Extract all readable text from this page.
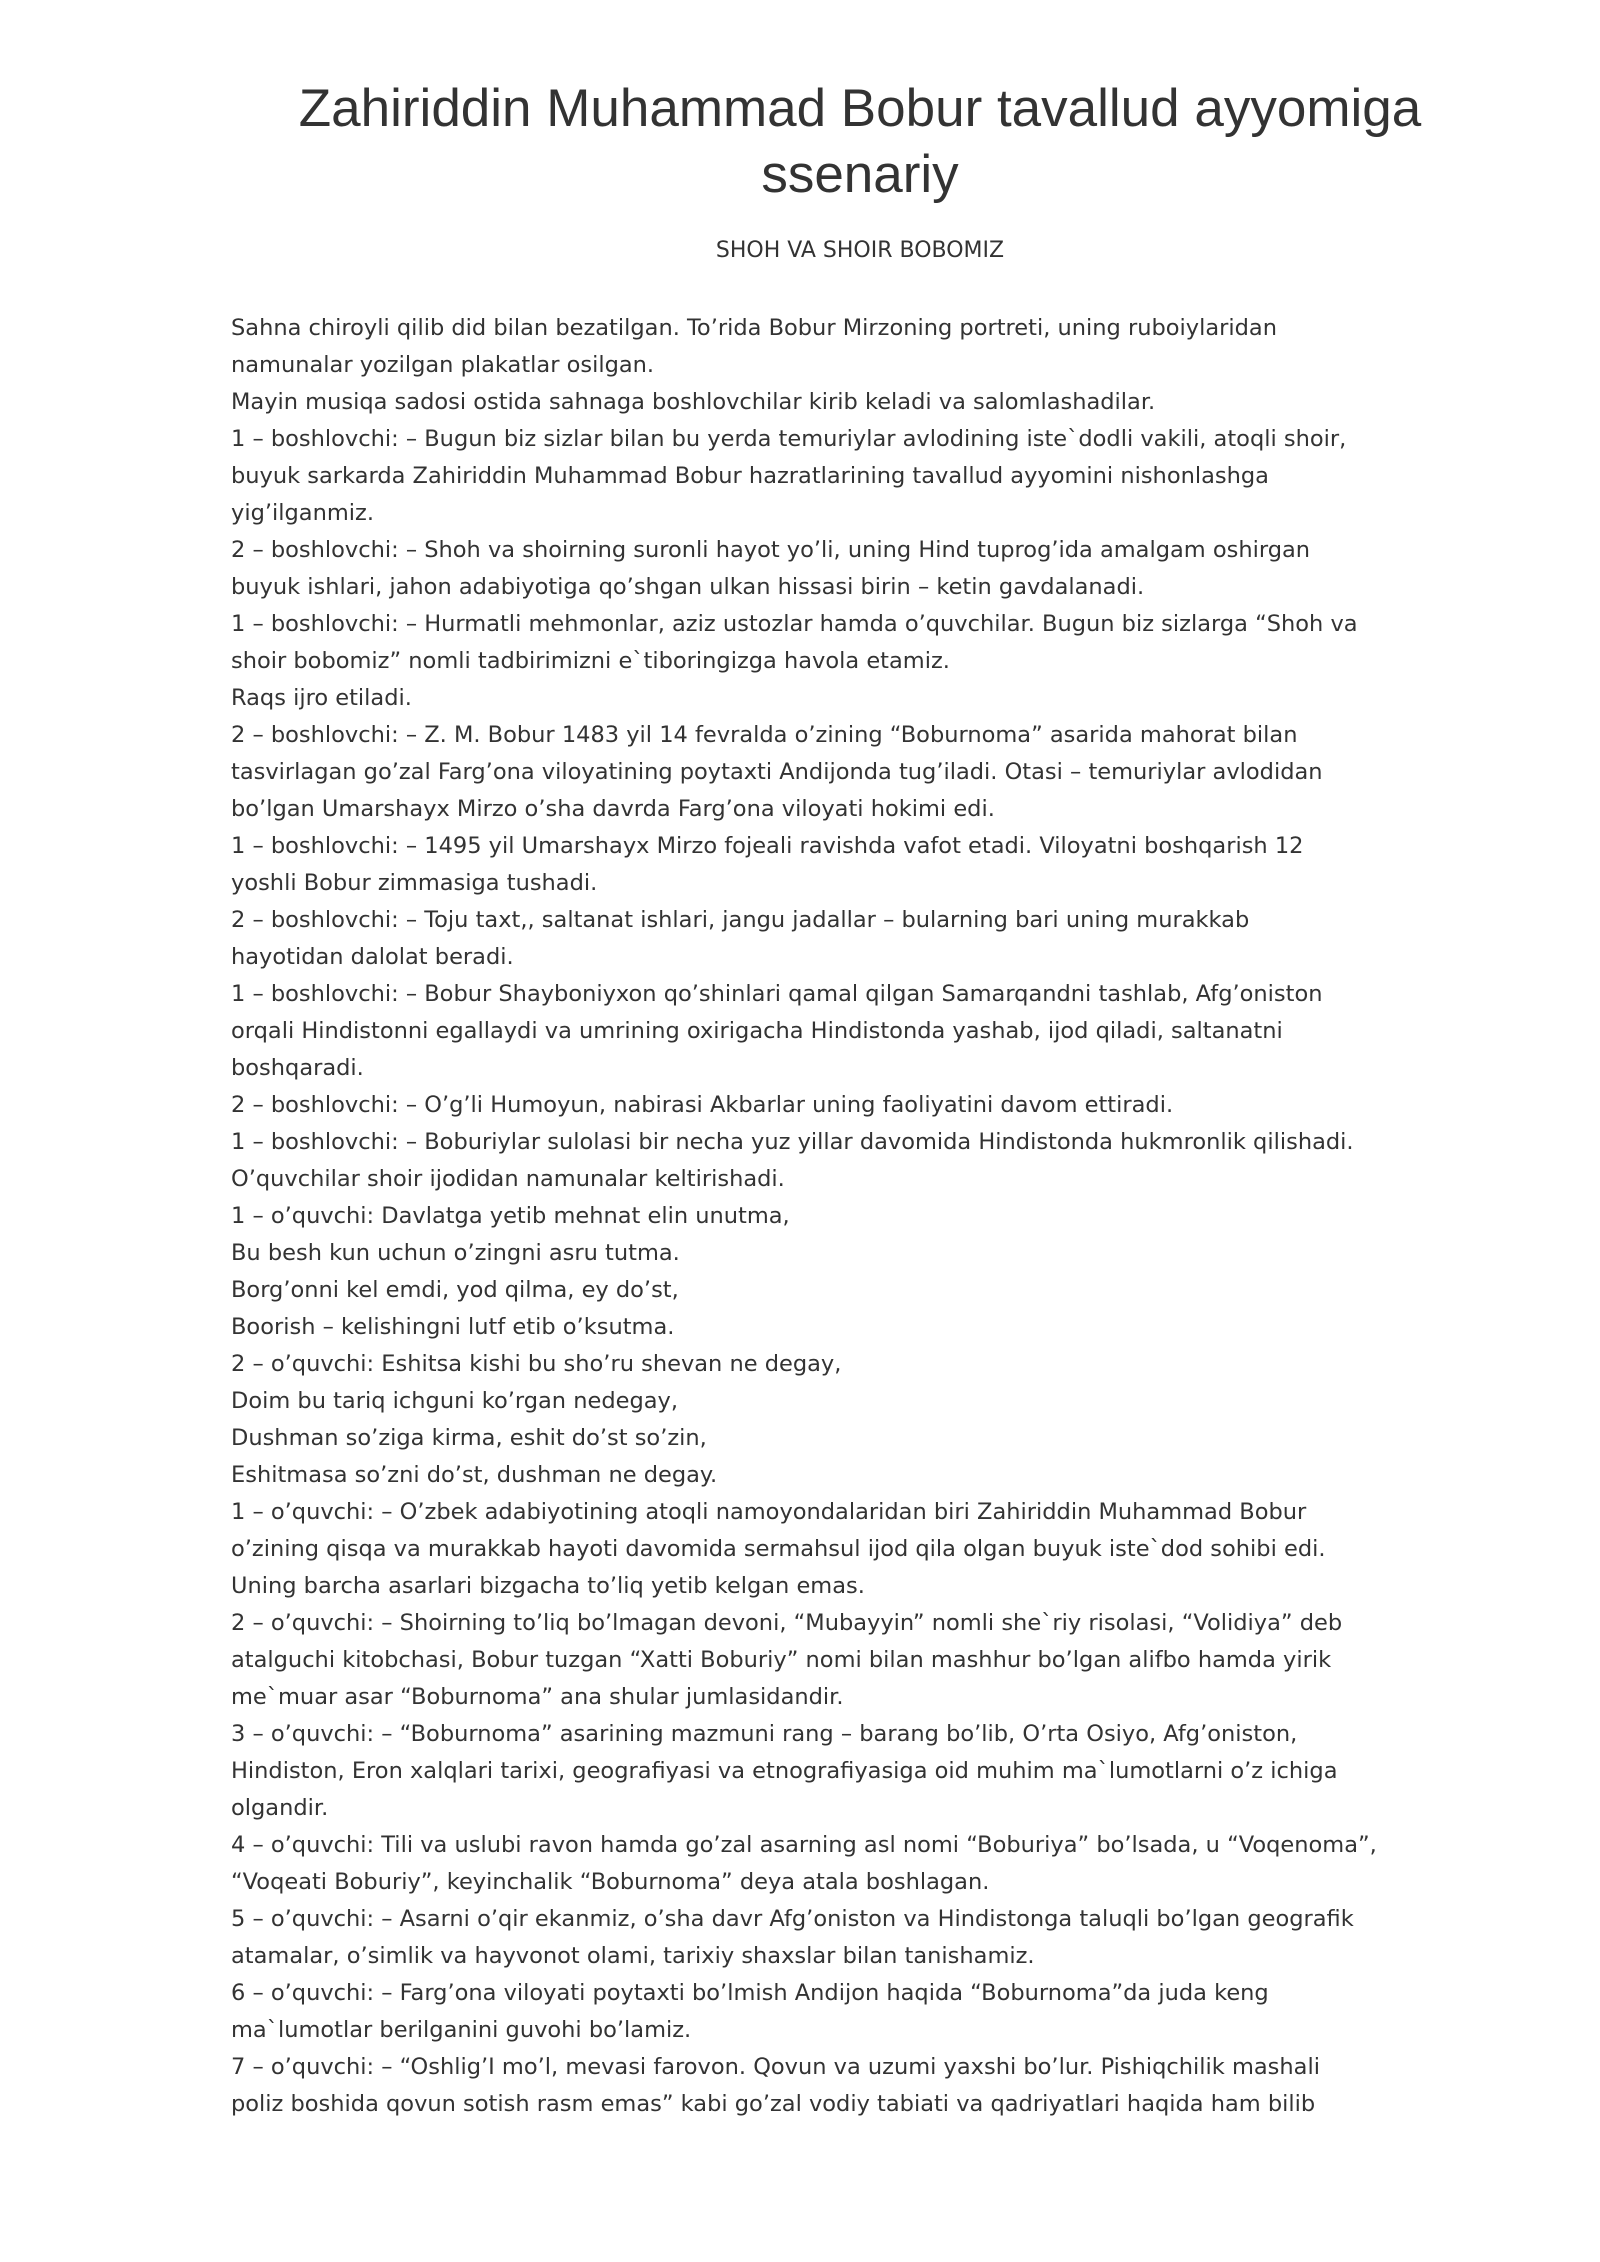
Zahiriddin Muhammad Bobur tavallud ayyomiga
ssenariy
SHOH VA SHOIR BOBOMIZ
Sahna chiroyli qilib did bilan bezatilgan. To’rida Bobur Mirzoning portreti, uning ruboiylaridan
namunalar yozilgan plakatlar osilgan.
Mayin musiqa sadosi ostida sahnaga boshlovchilar kirib keladi va salomlashadilar.
1 – boshlovchi: – Bugun biz sizlar bilan bu yerda temuriylar avlodining iste`dodli vakili, atoqli shoir,
buyuk sarkarda Zahiriddin Muhammad Bobur hazratlarining tavallud ayyomini nishonlashga
yig’ilganmiz.
2 – boshlovchi: – Shoh va shoirning suronli hayot yo’li, uning Hind tuprog’ida amalgam oshirgan
buyuk ishlari, jahon adabiyotiga qo’shgan ulkan hissasi birin – ketin gavdalanadi.
1 – boshlovchi: – Hurmatli mehmonlar, aziz ustozlar hamda o’quvchilar. Bugun biz sizlarga “Shoh va
shoir bobomiz” nomli tadbirimizni e`tiboringizga havola etamiz.
Raqs ijro etiladi.
2 – boshlovchi: – Z. M. Bobur 1483 yil 14 fevralda o’zining “Boburnoma” asarida mahorat bilan
tasvirlagan go’zal Farg’ona viloyatining poytaxti Andijonda tug’iladi. Otasi – temuriylar avlodidan
bo’lgan Umarshayx Mirzo o’sha davrda Farg’ona viloyati hokimi edi.
1 – boshlovchi: – 1495 yil Umarshayx Mirzo fojeali ravishda vafot etadi. Viloyatni boshqarish 12
yoshli Bobur zimmasiga tushadi.
2 – boshlovchi: – Toju taxt,, saltanat ishlari, jangu jadallar – bularning bari uning murakkab
hayotidan dalolat beradi.
1 – boshlovchi: – Bobur Shayboniyxon qo’shinlari qamal qilgan Samarqandni tashlab, Afg’oniston
orqali Hindistonni egallaydi va umrining oxirigacha Hindistonda yashab, ijod qiladi, saltanatni
boshqaradi.
2 – boshlovchi: – O’g’li Humoyun, nabirasi Akbarlar uning faoliyatini davom ettiradi.
1 – boshlovchi: – Boburiylar sulolasi bir necha yuz yillar davomida Hindistonda hukmronlik qilishadi.
O’quvchilar shoir ijodidan namunalar keltirishadi.
1 – o’quvchi: Davlatga yetib mehnat elin unutma,
Bu besh kun uchun o’zingni asru tutma.
Borg’onni kel emdi, yod qilma, ey do’st,
Boorish – kelishingni lutf etib o’ksutma.
2 – o’quvchi: Eshitsa kishi bu sho’ru shevan ne degay,
Doim bu tariq ichguni ko’rgan nedegay,
Dushman so’ziga kirma, eshit do’st so’zin,
Eshitmasa so’zni do’st, dushman ne degay.
1 – o’quvchi: – O’zbek adabiyotining atoqli namoyondalaridan biri Zahiriddin Muhammad Bobur
o’zining qisqa va murakkab hayoti davomida sermahsul ijod qila olgan buyuk iste`dod sohibi edi.
Uning barcha asarlari bizgacha to’liq yetib kelgan emas.
2 – o’quvchi: – Shoirning to’liq bo’lmagan devoni, “Mubayyin” nomli she`riy risolasi, “Volidiya” deb
atalguchi kitobchasi, Bobur tuzgan “Xatti Boburiy” nomi bilan mashhur bo’lgan alifbo hamda yirik
me`muar asar “Boburnoma” ana shular jumlasidandir.
3 – o’quvchi: – “Boburnoma” asarining mazmuni rang – barang bo’lib, O’rta Osiyo, Afg’oniston,
Hindiston, Eron xalqlari tarixi, geografiyasi va etnografiyasiga oid muhim ma`lumotlarni o’z ichiga
olgandir.
4 – o’quvchi: Tili va uslubi ravon hamda go’zal asarning asl nomi “Boburiya” bo’lsada, u “Voqenoma”,
“Voqeati Boburiy”, keyinchalik “Boburnoma” deya atala boshlagan.
5 – o’quvchi: – Asarni o’qir ekanmiz, o’sha davr Afg’oniston va Hindistonga taluqli bo’lgan geografik
atamalar, o’simlik va hayvonot olami, tarixiy shaxslar bilan tanishamiz.
6 – o’quvchi: – Farg’ona viloyati poytaxti bo’lmish Andijon haqida “Boburnoma”da juda keng
ma`lumotlar berilganini guvohi bo’lamiz.
7 – o’quvchi: – “Oshlig’I mo’l, mevasi farovon. Qovun va uzumi yaxshi bo’lur. Pishiqchilik mashali
poliz boshida qovun sotish rasm emas” kabi go’zal vodiy tabiati va qadriyatlari haqida ham bilib
